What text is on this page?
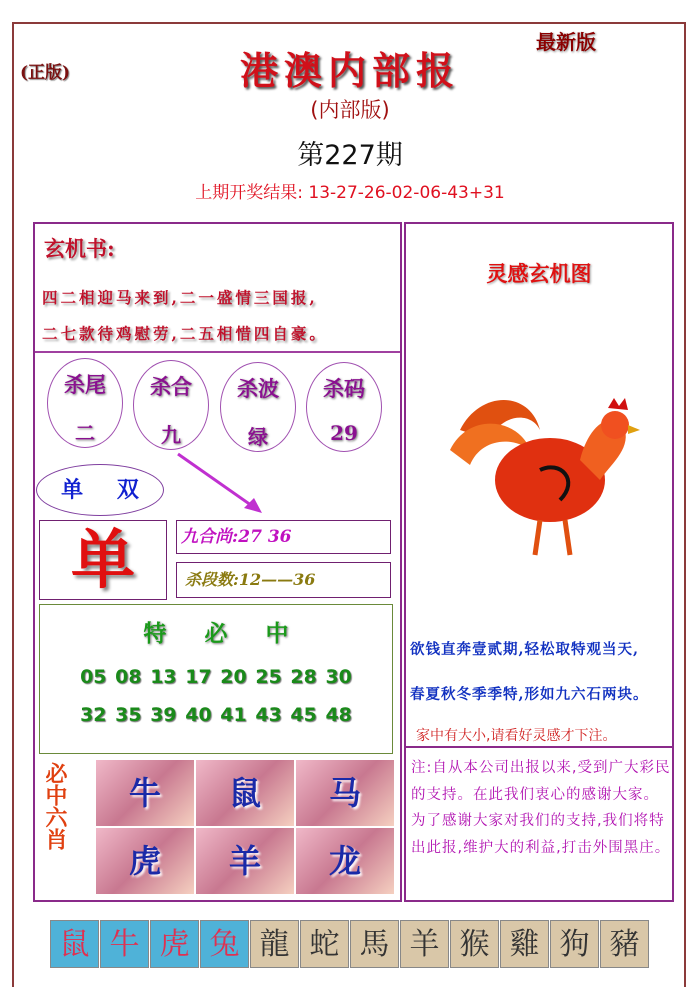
(正版)	港澳内部报
最新版
(内部版)
第227期
上期开奖结果: 13-27-26-02-06-43+31
玄机书:
四二相迎马来到,二一盛情三国报,
二七款待鸡慰劳,二五相惜四自豪。
杀尾
二
杀合
九
杀波
绿
杀码
29
单 双
单	九合尚:27 36
杀段数:12——36
特 必 中
05 08 13 17 20 25 28 30
32 35 39 40 41 43 45 48
必中六肖	牛	鼠	马
虎	羊	龙
灵感玄机图
欲钱直奔壹贰期,轻松取特观当天,
春夏秋冬季季特,形如九六石两块。
家中有大小,请看好灵感才下注。
注:自从本公司出报以来,受到广大彩民的支持。在此我们衷心的感谢大家。为了感谢大家对我们的支持,我们将特出此报,维护大的利益,打击外围黑庄。
鼠 牛 虎 兔 龍 蛇 馬 羊 猴 雞 狗 豬
